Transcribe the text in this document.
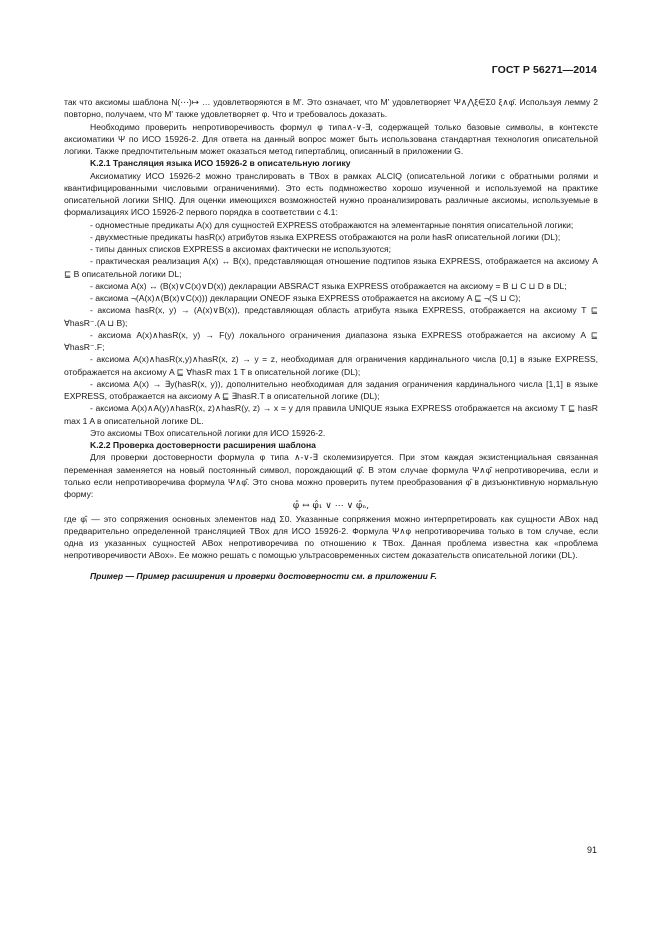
ГОСТ Р 56271—2014

так что аксиомы шаблона N(⋯)↦ … удовлетворяются в M'. Это означает, что M' удовлетворяет Ψ∧⋀ξ∈Σ0 ξ∧φ̄. Используя лемму 2 повторно, получаем, что M' также удовлетворяет φ. Что и требовалось доказать.

Необходимо проверить непротиворечивость формул φ типа∧-∨-∃, содержащей только базовые символы, в контексте аксиоматики Ψ по ИСО 15926-2. Для ответа на данный вопрос может быть использована стандартная технология описательной логики. Также предпочтительным может оказаться метод гипертаблиц, описанный в приложении G.

K.2.1 Трансляция языка ИСО 15926-2 в описательную логику

Аксиоматику ИСО 15926-2 можно транслировать в TBox в рамках ALCIQ (описательной логики с обратными ролями и квантифицированными числовыми ограничениями). Это есть подмножество хорошо изученной и используемой на практике описательной логики SHIQ. Для оценки имеющихся возможностей нужно проанализировать различные аксиомы, используемые в формализациях ИСО 15926-2 первого порядка в соответствии с 4.1:

- одноместные предикаты A(x) для сущностей EXPRESS отображаются на элементарные понятия описательной логики;

- двухместные предикаты hasR(x) атрибутов языка EXPRESS отображаются на роли hasR описательной логики (DL);

- типы данных списков EXPRESS в аксиомах фактически не используются;

- практическая реализация A(x) ↔ B(x), представляющая отношение подтипов языка EXPRESS, отображается на аксиому A ⊑ B описательной логики DL;

- аксиома A(x) ↔ (B(x)∨C(x)∨D(x)) декларации ABSRACT языка EXPRESS отображается на аксиому = B ⊔ C ⊔ D в DL;

- аксиома ¬(A(x)∧(B(x)∨C(x))) декларации ONEOF языка EXPRESS отображается на аксиому A ⊑ ¬(S ⊔ C);

- аксиома hasR(x, y) → (A(x)∨B(x)), представляющая область атрибута языка EXPRESS, отображается на аксиому T ⊑ ∀hasR⁻.(A ⊔ B);

- аксиома A(x)∧hasR(x, y) → F(y) локального ограничения диапазона языка EXPRESS отображается на аксиому A ⊑ ∀hasR⁻.F;

- аксиома A(x)∧hasR(x,y)∧hasR(x, z) → y = z, необходимая для ограничения кардинального числа [0,1] в языке EXPRESS, отображается на аксиому A ⊑ ∀hasR max 1 T в описательной логике (DL);

- аксиома A(x) → ∃y(hasR(x, y)), дополнительно необходимая для задания ограничения кардинального числа [1,1] в языке EXPRESS, отображается на аксиому A ⊑ ∃hasR.T в описательной логике (DL);

- аксиома A(x)∧A(y)∧hasR(x, z)∧hasR(y, z) → x = y для правила UNIQUE языка EXPRESS отображается на аксиому T ⊑ hasR max 1 A в описательной логике DL.

Это аксиомы TBox описательной логики для ИСО 15926-2.

K.2.2 Проверка достоверности расширения шаблона

Для проверки достоверности формула φ типа ∧-∨-∃ сколемизируется. При этом каждая экзистенциальная связанная переменная заменяется на новый постоянный символ, порождающий φ̂. В этом случае формула Ψ∧φ̂ непротиворечива, если и только если непротиворечива формула Ψ∧φ̂. Это снова можно проверить путем преобразования φ̂ в дизъюнктивную нормальную форму:

φ̂ ↔ φ̂₁ ∨ ⋯ ∨ φ̂ₙ,

где φ̂ᵢ — это сопряжения основных элементов над Σ0. Указанные сопряжения можно интерпретировать как сущности ABox над предварительно определенной трансляцией TBox для ИСО 15926-2. Формула Ψ∧φ непротиворечива только в том случае, если одна из указанных сущностей ABox непротиворечива по отношению к TBox. Данная проблема известна как «проблема непротиворечивости ABox». Ее можно решать с помощью ультрасовременных систем доказательств описательной логики (DL).

Пример — Пример расширения и проверки достоверности см. в приложении F.

91
